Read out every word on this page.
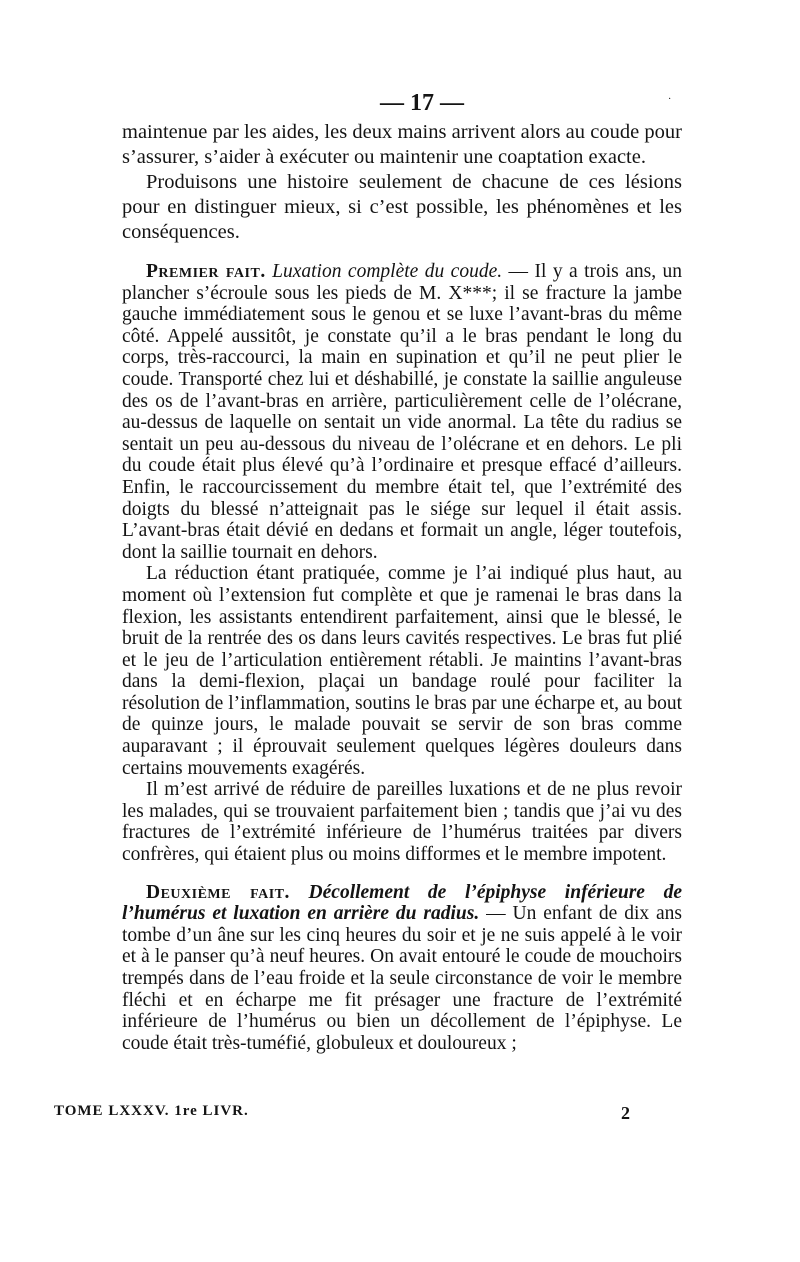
— 17 —	·

maintenue par les aides, les deux mains arrivent alors au coude pour s’assurer, s’aider à exécuter ou maintenir une coaptation exacte.

Produisons une histoire seulement de chacune de ces lésions pour en distinguer mieux, si c’est possible, les phénomènes et les conséquences.

Premier fait. Luxation complète du coude. — Il y a trois ans, un plancher s’écroule sous les pieds de M. X***; il se fracture la jambe gauche immédiatement sous le genou et se luxe l’avant-bras du même côté. Appelé aussitôt, je constate qu’il a le bras pendant le long du corps, très-raccourci, la main en supination et qu’il ne peut plier le coude. Transporté chez lui et déshabillé, je constate la saillie anguleuse des os de l’avant-bras en arrière, particulièrement celle de l’olécrane, au-dessus de laquelle on sentait un vide anormal. La tête du radius se sentait un peu au-dessous du niveau de l’olécrane et en dehors. Le pli du coude était plus élevé qu’à l’ordinaire et presque effacé d’ailleurs. Enfin, le raccourcissement du membre était tel, que l’extrémité des doigts du blessé n’atteignait pas le siége sur lequel il était assis. L’avant-bras était dévié en dedans et formait un angle, léger toutefois, dont la saillie tournait en dehors.

La réduction étant pratiquée, comme je l’ai indiqué plus haut, au moment où l’extension fut complète et que je ramenai le bras dans la flexion, les assistants entendirent parfaitement, ainsi que le blessé, le bruit de la rentrée des os dans leurs cavités respectives. Le bras fut plié et le jeu de l’articulation entièrement rétabli. Je maintins l’avant-bras dans la demi-flexion, plaçai un bandage roulé pour faciliter la résolution de l’inflammation, soutins le bras par une écharpe et, au bout de quinze jours, le malade pouvait se servir de son bras comme auparavant ; il éprouvait seulement quelques légères douleurs dans certains mouvements exagérés.

Il m’est arrivé de réduire de pareilles luxations et de ne plus revoir les malades, qui se trouvaient parfaitement bien ; tandis que j’ai vu des fractures de l’extrémité inférieure de l’humérus traitées par divers confrères, qui étaient plus ou moins difformes et le membre impotent.

Deuxième fait. Décollement de l’épiphyse inférieure de l’humérus et luxation en arrière du radius. — Un enfant de dix ans tombe d’un âne sur les cinq heures du soir et je ne suis appelé à le voir et à le panser qu’à neuf heures. On avait entouré le coude de mouchoirs trempés dans de l’eau froide et la seule circonstance de voir le membre fléchi et en écharpe me fit présager une fracture de l’extrémité inférieure de l’humérus ou bien un décollement de l’épiphyse. Le coude était très-tuméfié, globuleux et douloureux ;

TOME LXXXV. 1re LIVR.	2
